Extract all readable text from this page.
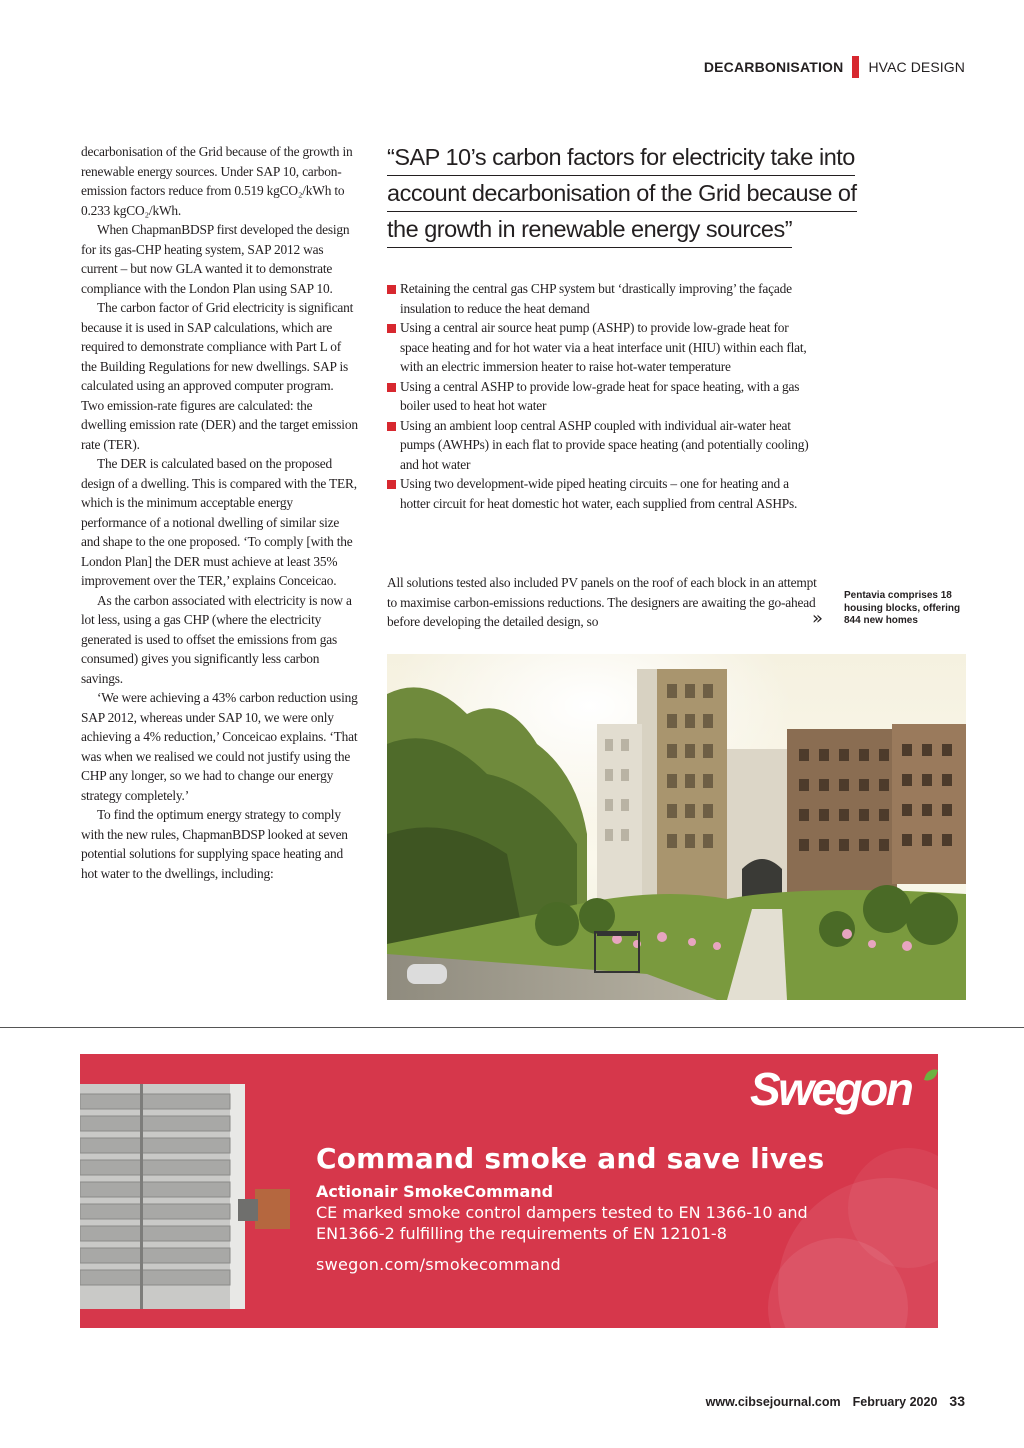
DECARBONISATION HVAC DESIGN

decarbonisation of the Grid because of the growth in renewable energy sources. Under SAP 10, carbon-emission factors reduce from 0.519 kgCO₂/kWh to 0.233 kgCO₂/kWh.

When ChapmanBDSP first developed the design for its gas-CHP heating system, SAP 2012 was current – but now GLA wanted it to demonstrate compliance with the London Plan using SAP 10.

The carbon factor of Grid electricity is significant because it is used in SAP calculations, which are required to demonstrate compliance with Part L of the Building Regulations for new dwellings. SAP is calculated using an approved computer program. Two emission-rate figures are calculated: the dwelling emission rate (DER) and the target emission rate (TER).

The DER is calculated based on the proposed design of a dwelling. This is compared with the TER, which is the minimum acceptable energy performance of a notional dwelling of similar size and shape to the one proposed. ‘To comply [with the London Plan] the DER must achieve at least 35% improvement over the TER,’ explains Conceicao.

As the carbon associated with electricity is now a lot less, using a gas CHP (where the electricity generated is used to offset the emissions from gas consumed) gives you significantly less carbon savings.

‘We were achieving a 43% carbon reduction using SAP 2012, whereas under SAP 10, we were only achieving a 4% reduction,’ Conceicao explains. ‘That was when we realised we could not justify using the CHP any longer, so we had to change our energy strategy completely.’

To find the optimum energy strategy to comply with the new rules, ChapmanBDSP looked at seven potential solutions for supplying space heating and hot water to the dwellings, including:

“SAP 10’s carbon factors for electricity take into
account decarbonisation of the Grid because of
the growth in renewable energy sources”
Retaining the central gas CHP system but ‘drastically improving’ the façade insulation to reduce the heat demand
Using a central air source heat pump (ASHP) to provide low-grade heat for space heating and for hot water via a heat interface unit (HIU) within each flat, with an electric immersion heater to raise hot-water temperature
Using a central ASHP to provide low-grade heat for space heating, with a gas boiler used to heat hot water
Using an ambient loop central ASHP coupled with individual air-water heat pumps (AWHPs) in each flat to provide space heating (and potentially cooling) and hot water
Using two development-wide piped heating circuits – one for heating and a hotter circuit for heat domestic hot water, each supplied from central ASHPs.

All solutions tested also included PV panels on the roof of each block in an attempt to maximise carbon-emissions reductions. The designers are awaiting the go-ahead before developing the detailed design, so	»
Pentavia comprises 18 housing blocks, offering 844 new homes
Swegon
Command smoke and save lives
Actionair SmokeCommand
CE marked smoke control dampers tested to EN 1366-10 and EN1366-2 fulfilling the requirements of EN 12101-8
swegon.com/smokecommand
www.cibsejournal.com February 2020 33
